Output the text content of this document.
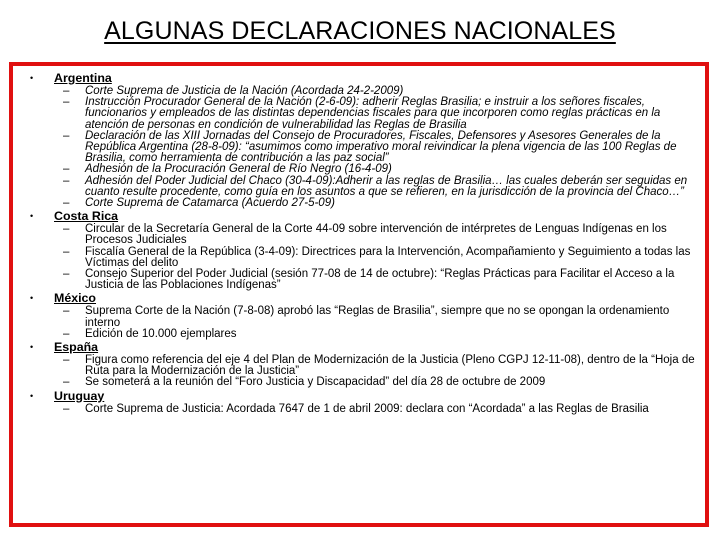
ALGUNAS DECLARACIONES NACIONALES
• Argentina
– Corte Suprema de Justicia de la Nación (Acordada 24-2-2009)
– Instrucción Procurador General de la Nación (2-6-09): adherir Reglas Brasilia; e instruir a los señores fiscales, funcionarios y empleados de las distintas dependencias fiscales para que incorporen como reglas prácticas en la atención de personas en condición de vulnerabilidad las Reglas de Brasilia
– Declaración de las XIII Jornadas del Consejo de Procuradores, Fiscales, Defensores y Asesores Generales de la República Argentina (28-8-09): “asumimos como imperativo moral reivindicar la plena vigencia de las 100 Reglas de Brasilia, como herramienta de contribución a las paz social”
– Adhesión de la Procuración General de Río Negro (16-4-09)
– Adhesión del Poder Judicial del Chaco (30-4-09):Adherir a las reglas de Brasilia… las cuales deberán ser seguidas en cuanto resulte procedente, como guía en los asuntos a que se refieren, en la jurisdicción de la provincia del Chaco…”
– Corte Suprema de Catamarca (Acuerdo 27-5-09)
• Costa Rica
– Circular de la Secretaría General de la Corte 44-09 sobre intervención de intérpretes de Lenguas Indígenas en los Procesos Judiciales
– Fiscalía General de la República (3-4-09): Directrices para la Intervención, Acompañamiento y Seguimiento a todas las Víctimas del delito
– Consejo Superior del Poder Judicial (sesión 77-08 de 14 de octubre): “Reglas Prácticas para Facilitar el Acceso a la Justicia de las Poblaciones Indígenas”
• México
– Suprema Corte de la Nación (7-8-08) aprobó las “Reglas de Brasilia”, siempre que no se opongan la ordenamiento interno
– Edición de 10.000 ejemplares
• España
– Figura como referencia del eje 4 del Plan de Modernización de la Justicia (Pleno CGPJ 12-11-08), dentro de la “Hoja de Ruta para la Modernización de la Justicia”
– Se someterá a la reunión del “Foro Justicia y Discapacidad” del día 28 de octubre de 2009
• Uruguay
– Corte Suprema de Justicia: Acordada 7647 de 1 de abril 2009: declara con “Acordada” a las Reglas de Brasilia
